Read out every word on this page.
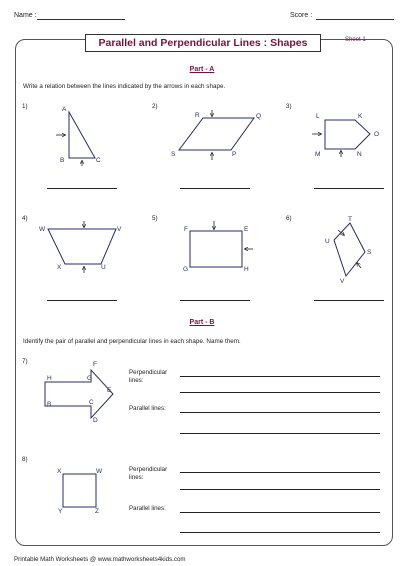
Name :	Score :
Parallel and Perpendicular Lines : Shapes	Sheet 1
Part - A
Write a relation between the lines indicated by the arrows in each shape.
1)	2)	3)
A
B	C
R	Q
S	P
L	K
O
M	N
W	V
X	U
F	E
G	H
T
U
S
V
F
H	G
E
B	C
D
X	W
Y	Z
4)	5)	6)
Part - B
Identify the pair of parallel and perpendicular lines in each shape. Name them.
7)
Perpendicular lines:
Parallel lines:
8)
Perpendicular lines:
Parallel lines:
Printable Math Worksheets @ www.mathworksheets4kids.com
